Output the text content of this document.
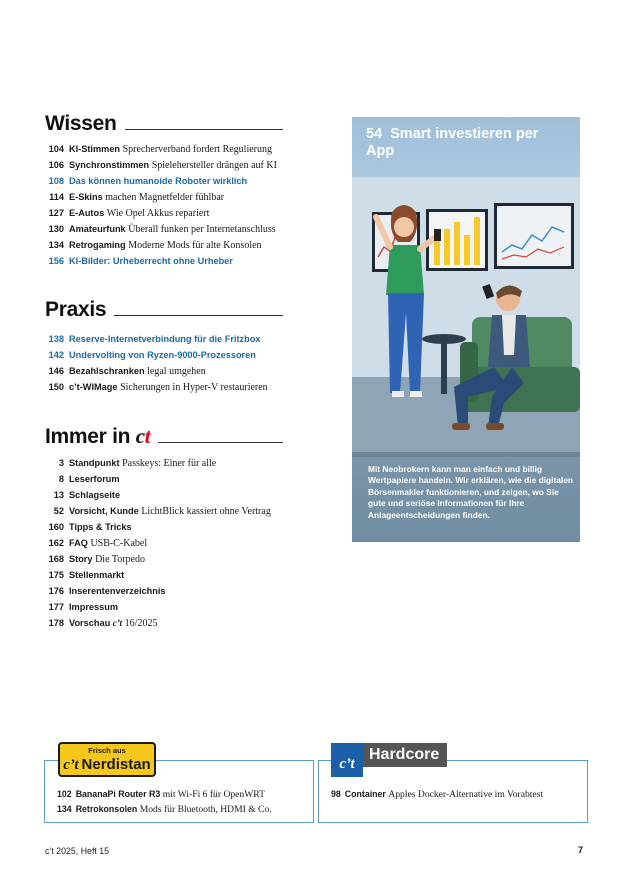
Wissen
104 KI-Stimmen Sprecherverband fordert Regulierung
106 Synchronstimmen Spielehersteller drängen auf KI
108 Das können humanoide Roboter wirklich
114 E-Skins machen Magnetfelder fühlbar
127 E-Autos Wie Opel Akkus repariert
130 Amateurfunk Überall funken per Internetanschluss
134 Retrogaming Moderne Mods für alte Konsolen
156 KI-Bilder: Urheberrecht ohne Urheber
Praxis
138 Reserve-Internetverbindung für die Fritzbox
142 Undervolting von Ryzen-9000-Prozessoren
146 Bezahlschranken legal umgehen
150 c’t-WIMage Sicherungen in Hyper-V restaurieren
Immer in ct
3 Standpunkt Passkeys: Einer für alle
8 Leserforum
13 Schlagseite
52 Vorsicht, Kunde LichtBlick kassiert ohne Vertrag
160 Tipps & Tricks
162 FAQ USB-C-Kabel
168 Story Die Torpedo
175 Stellenmarkt
176 Inserentenverzeichnis
177 Impressum
178 Vorschau c’t 16/2025
54 Smart investieren per App
Mit Neobrokern kann man einfach und billig Wertpapiere handeln. Wir erklären, wie die digitalen Börsenmakler funktionieren, und zeigen, wo Sie gute und seriöse Informationen für Ihre Anlageentscheidungen finden.
102 BananaPi Router R3 mit Wi-Fi 6 für OpenWRT
134 Retrokonsolen Mods für Bluetooth, HDMI & Co.
Frisch aus
c’t Nerdistan
98 Container Apples Docker-Alternative im Vorabtest
c’t
Hardcore
c’t 2025, Heft 15	7
